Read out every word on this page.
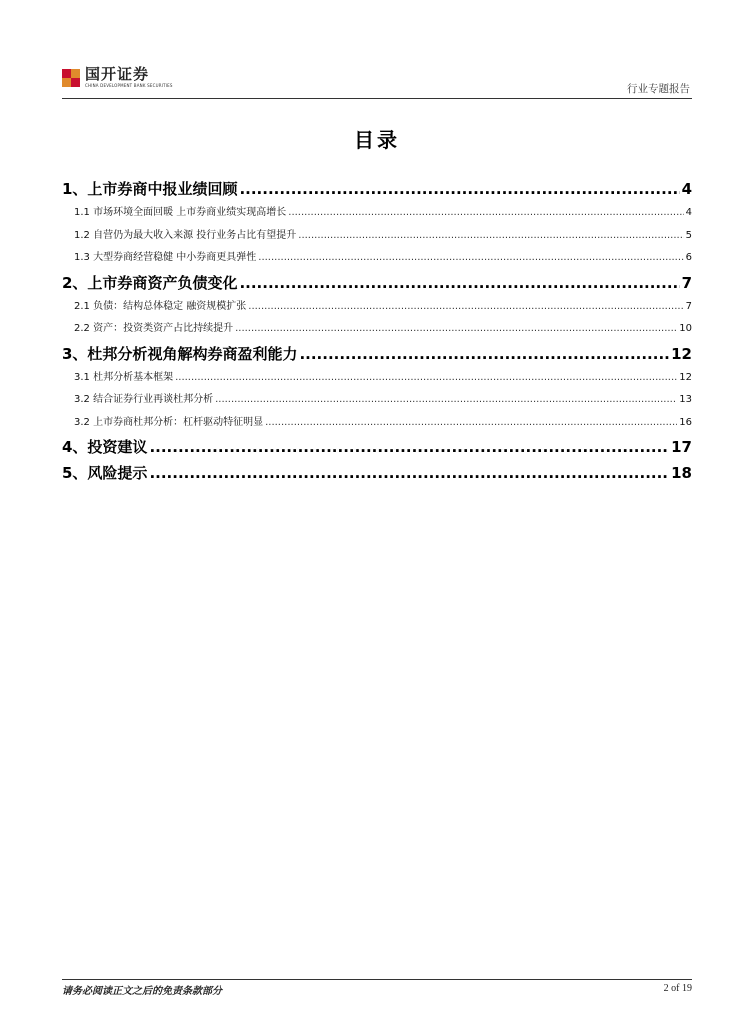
国开证券
CHINA DEVELOPMENT BANK SECURITIES	行业专题报告
目录
1、上市券商中报业绩回顾 .....	4
1.1 市场环境全面回暖 上市券商业绩实现高增长 .....	4
1.2 自营仍为最大收入来源 投行业务占比有望提升 .....	5
1.3 大型券商经营稳健 中小券商更具弹性 .....	6
2、上市券商资产负债变化 .....	7
2.1 负债：结构总体稳定 融资规模扩张 .....	7
2.2 资产：投资类资产占比持续提升 .....	10
3、杜邦分析视角解构券商盈利能力 .....	12
3.1 杜邦分析基本框架 .....	12
3.2 结合证券行业再谈杜邦分析 .....	13
3.2 上市券商杜邦分析：杠杆驱动特征明显 .....	16
4、投资建议 .....	17
5、风险提示 .....	18
请务必阅读正文之后的免责条款部分	2 of 19
